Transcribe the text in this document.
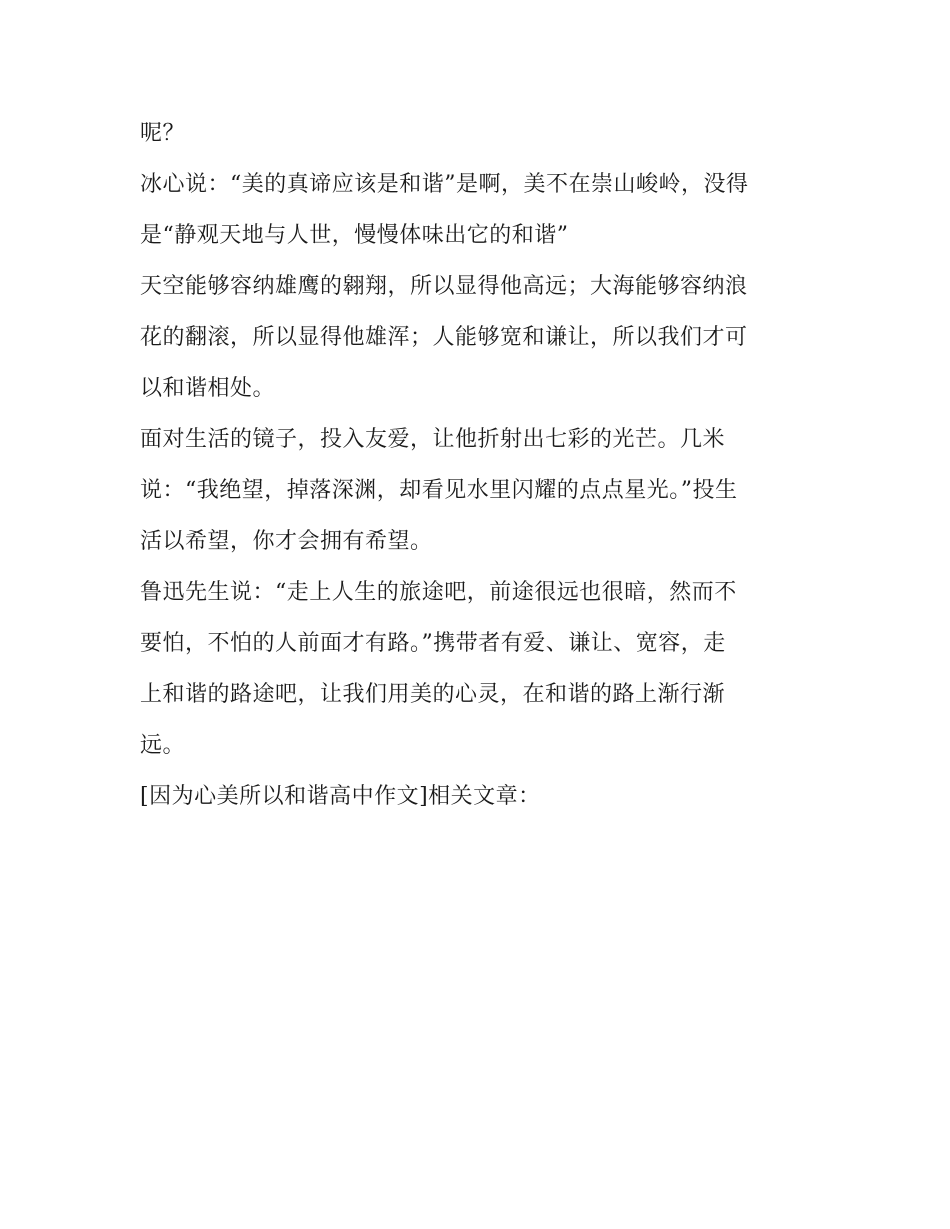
呢？

冰心说：“美的真谛应该是和谐”是啊，美不在崇山峻岭，没得
是“静观天地与人世，慢慢体味出它的和谐”

天空能够容纳雄鹰的翱翔，所以显得他高远；大海能够容纳浪
花的翻滚，所以显得他雄浑；人能够宽和谦让，所以我们才可
以和谐相处。

面对生活的镜子，投入友爱，让他折射出七彩的光芒。几米
说：“我绝望，掉落深渊，却看见水里闪耀的点点星光。”投生
活以希望，你才会拥有希望。

鲁迅先生说：“走上人生的旅途吧，前途很远也很暗，然而不
要怕，不怕的人前面才有路。”携带者有爱、谦让、宽容，走
上和谐的路途吧，让我们用美的心灵，在和谐的路上渐行渐
远。

[因为心美所以和谐高中作文]相关文章：
